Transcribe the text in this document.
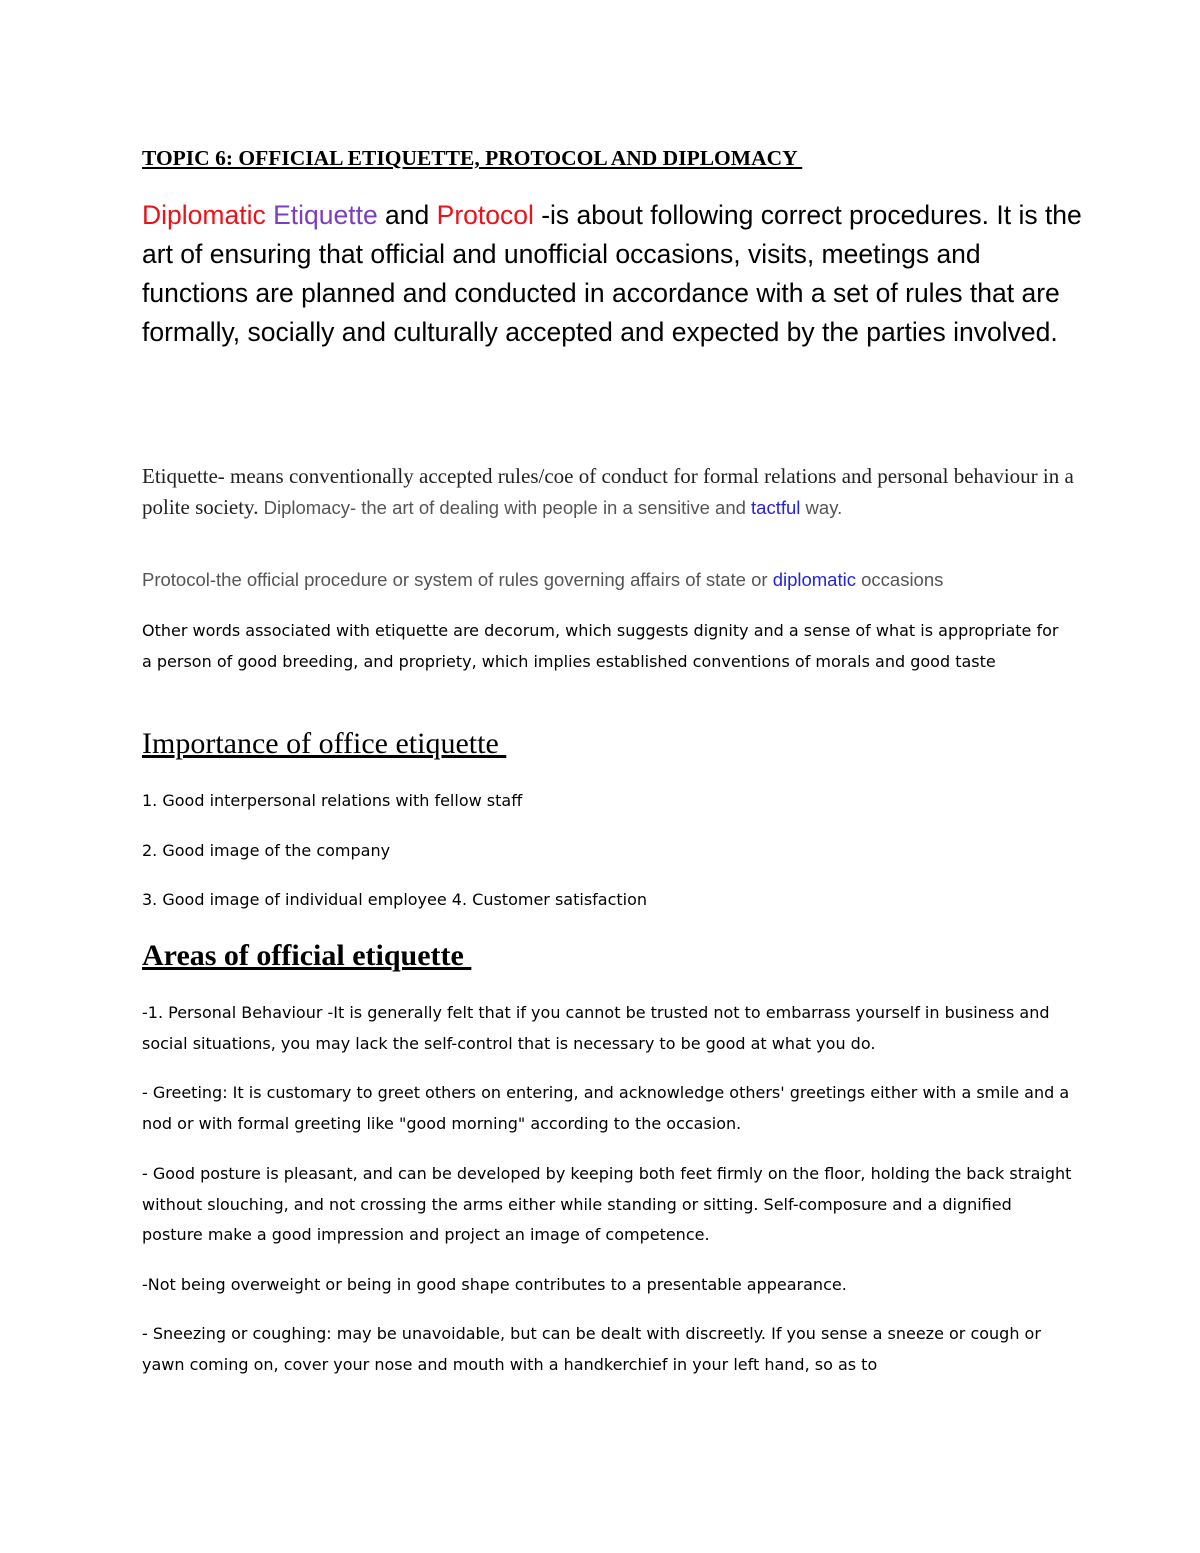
TOPIC 6: OFFICIAL ETIQUETTE, PROTOCOL AND DIPLOMACY

Diplomatic Etiquette and Protocol -is about following correct procedures. It is the art of ensuring that official and unofficial occasions, visits, meetings and functions are planned and conducted in accordance with a set of rules that are formally, socially and culturally accepted and expected by the parties involved.

Etiquette- means conventionally accepted rules/coe of conduct for formal relations and personal behaviour in a polite society. Diplomacy- the art of dealing with people in a sensitive and tactful way.

Protocol-the official procedure or system of rules governing affairs of state or diplomatic occasions

Other words associated with etiquette are decorum, which suggests dignity and a sense of what is appropriate for a person of good breeding, and propriety, which implies established conventions of morals and good taste

Importance of office etiquette

1. Good interpersonal relations with fellow staff

2. Good image of the company

3. Good image of individual employee 4. Customer satisfaction

Areas of official etiquette

-1. Personal Behaviour -It is generally felt that if you cannot be trusted not to embarrass yourself in business and social situations, you may lack the self-control that is necessary to be good at what you do.

- Greeting: It is customary to greet others on entering, and acknowledge others' greetings either with a smile and a nod or with formal greeting like "good morning" according to the occasion.

- Good posture is pleasant, and can be developed by keeping both feet firmly on the floor, holding the back straight without slouching, and not crossing the arms either while standing or sitting. Self-composure and a dignified posture make a good impression and project an image of competence.

-Not being overweight or being in good shape contributes to a presentable appearance.

- Sneezing or coughing: may be unavoidable, but can be dealt with discreetly. If you sense a sneeze or cough or yawn coming on, cover your nose and mouth with a handkerchief in your left hand, so as to
